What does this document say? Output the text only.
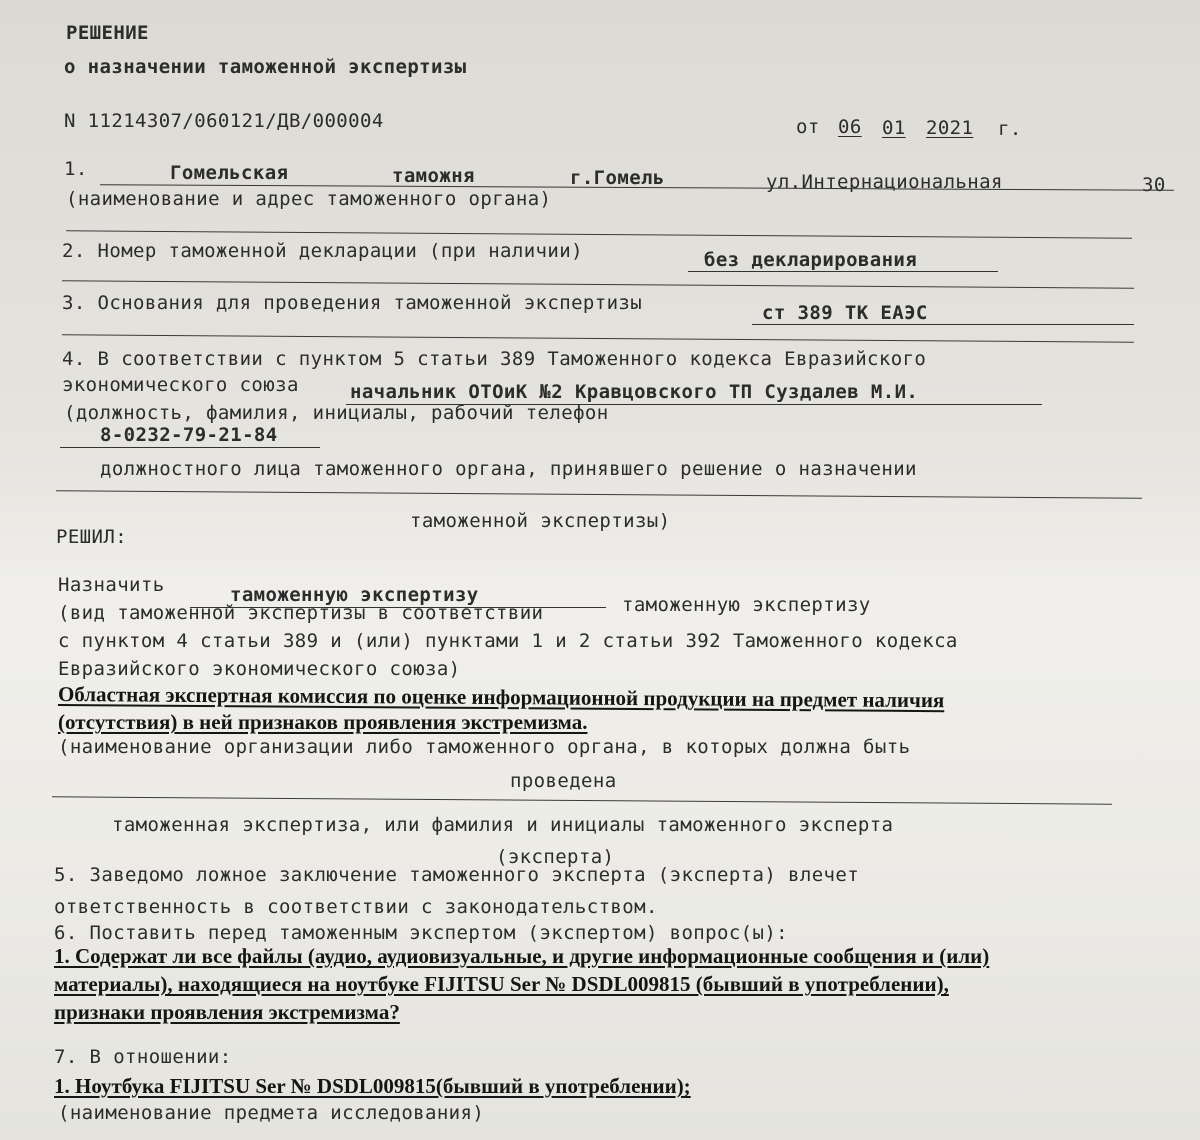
РЕШЕНИЕ
о назначении таможенной экспертизы
N 11214307/060121/ДВ/000004	от 06 01 2021 г.
1.	Гомельская	таможня	г.Гомель	ул.Интернациональная	30
(наименование и адрес таможенного органа)
2. Номер таможенной декларации (при наличии)	без декларирования
3. Основания для проведения таможенной экспертизы	ст 389 ТК ЕАЭС
4. В соответствии с пунктом 5 статьи 389 Таможенного кодекса Евразийского
экономического союза	начальник ОТОиК №2 Кравцовского ТП Суздалев М.И.
(должность, фамилия, инициалы, рабочий телефон
8-0232-79-21-84
должностного лица таможенного органа, принявшего решение о назначении
таможенной экспертизы)
РЕШИЛ:
Назначить	таможенную экспертизу	таможенную экспертизу
(вид таможенной экспертизы в соответствии
с пунктом 4 статьи 389 и (или) пунктами 1 и 2 статьи 392 Таможенного кодекса
Евразийского экономического союза)
Областная экспертная комиссия по оценке информационной продукции на предмет наличия
(отсутствия) в ней признаков проявления экстремизма.
(наименование организации либо таможенного органа, в которых должна быть
проведена
таможенная экспертиза, или фамилия и инициалы таможенного эксперта
(эксперта)
5. Заведомо ложное заключение таможенного эксперта (эксперта) влечет
ответственность в соответствии с законодательством.
6. Поставить перед таможенным экспертом (экспертом) вопрос(ы):
1. Содержат ли все файлы (аудио, аудиовизуальные, и другие информационные сообщения и (или)
материалы), находящиеся на ноутбуке FIJITSU Ser № DSDL009815 (бывший в употреблении),
признаки проявления экстремизма?
7. В отношении:
1. Ноутбука FIJITSU Ser № DSDL009815(бывший в употреблении);
(наименование предмета исследования)
